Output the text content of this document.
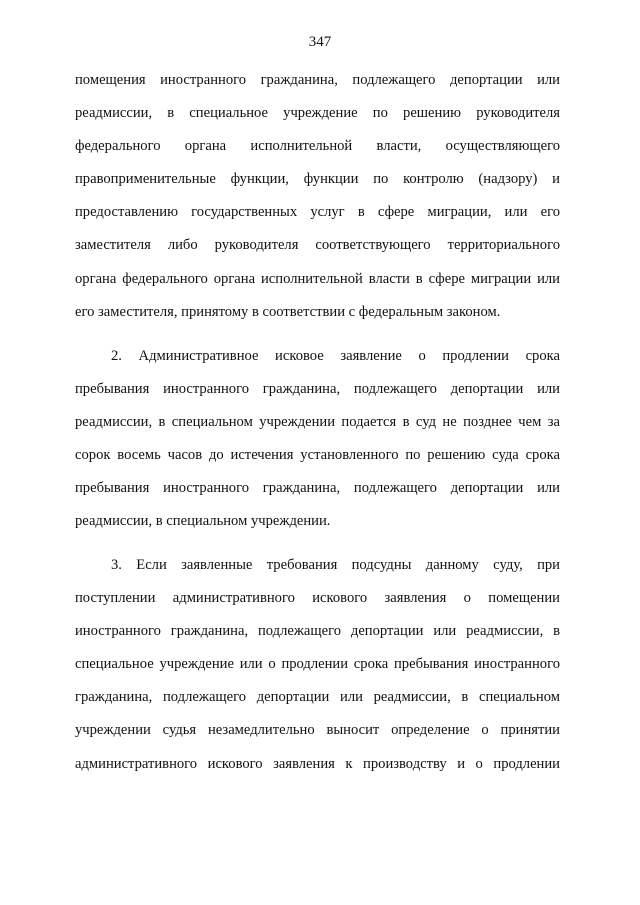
347
помещения иностранного гражданина, подлежащего депортации или
реадмиссии, в специальное учреждение по решению руководителя
федерального органа исполнительной власти, осуществляющего
правоприменительные функции, функции по контролю (надзору) и
предоставлению государственных услуг в сфере миграции, или его
заместителя либо руководителя соответствующего территориального
органа федерального органа исполнительной власти в сфере миграции или
его заместителя, принятому в соответствии с федеральным законом.
2. Административное исковое заявление о продлении срока
пребывания иностранного гражданина, подлежащего депортации или
реадмиссии, в специальном учреждении подается в суд не позднее чем за
сорок восемь часов до истечения установленного по решению суда срока
пребывания иностранного гражданина, подлежащего депортации или
реадмиссии, в специальном учреждении.
3. Если заявленные требования подсудны данному суду, при
поступлении административного искового заявления о помещении
иностранного гражданина, подлежащего депортации или реадмиссии, в
специальное учреждение или о продлении срока пребывания иностранного
гражданина, подлежащего депортации или реадмиссии, в специальном
учреждении судья незамедлительно выносит определение о принятии
административного искового заявления к производству и о продлении
